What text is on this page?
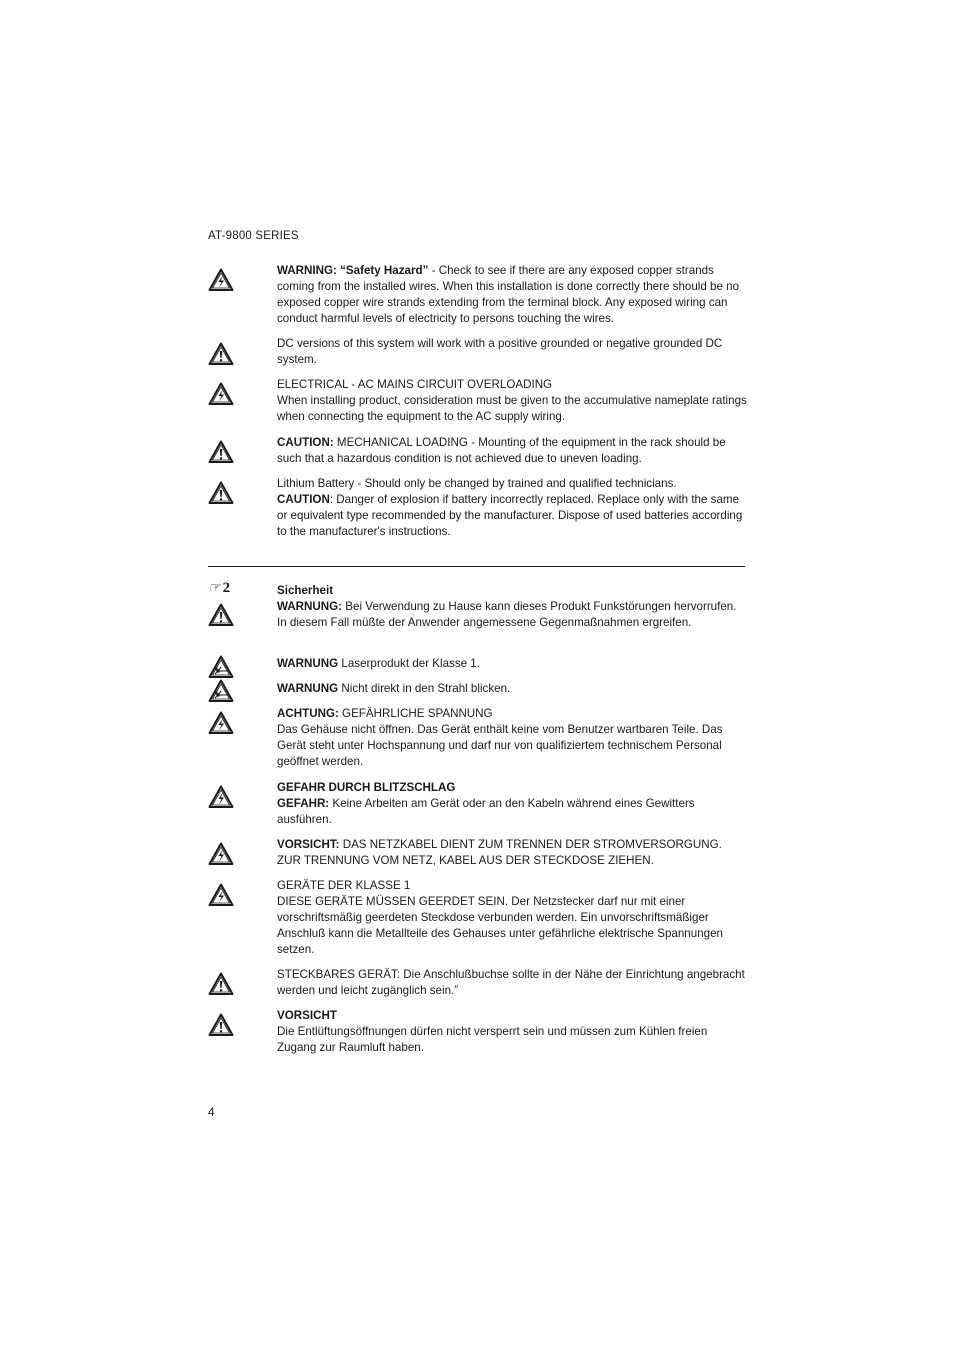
AT-9800 SERIES

WARNING: “Safety Hazard” - Check to see if there are any exposed copper strands coming from the installed wires. When this installation is done correctly there should be no exposed copper wire strands extending from the terminal block. Any exposed wiring can conduct harmful levels of electricity to persons touching the wires.

DC versions of this system will work with a positive grounded or negative grounded DC system.

ELECTRICAL - AC MAINS CIRCUIT OVERLOADING

When installing product, consideration must be given to the accumulative nameplate ratings when connecting the equipment to the AC supply wiring.

CAUTION: MECHANICAL LOADING - Mounting of the equipment in the rack should be such that a hazardous condition is not achieved due to uneven loading.

Lithium Battery - Should only be changed by trained and qualified technicians.

CAUTION: Danger of explosion if battery incorrectly replaced. Replace only with the same or equivalent type recommended by the manufacturer. Dispose of used batteries according to the manufacturer's instructions.

☞ 2	Sicherheit

WARNUNG: Bei Verwendung zu Hause kann dieses Produkt Funkstörungen hervorrufen. In diesem Fall müßte der Anwender angemessene Gegenmaßnahmen ergreifen.

WARNUNG Laserprodukt der Klasse 1.

WARNUNG Nicht direkt in den Strahl blicken.

ACHTUNG: GEFÄHRLICHE SPANNUNG

Das Gehäuse nicht öffnen. Das Gerät enthält keine vom Benutzer wartbaren Teile. Das Gerät steht unter Hochspannung und darf nur von qualifiziertem technischem Personal geöffnet werden.

GEFAHR DURCH BLITZSCHLAG

GEFAHR: Keine Arbeiten am Gerät oder an den Kabeln während eines Gewitters ausführen.

VORSICHT: DAS NETZKABEL DIENT ZUM TRENNEN DER STROMVERSORGUNG. ZUR TRENNUNG VOM NETZ, KABEL AUS DER STECKDOSE ZIEHEN.

GERÄTE DER KLASSE 1

DIESE GERÄTE MÜSSEN GEERDET SEIN. Der Netzstecker darf nur mit einer vorschriftsmäßig geerdeten Steckdose verbunden werden. Ein unvorschriftsmäßiger Anschluß kann die Metallteile des Gehauses unter gefährliche elektrische Spannungen setzen.

STECKBARES GERÄT: Die Anschlußbuchse sollte in der Nähe der Einrichtung angebracht werden und leicht zugänglich sein.”

VORSICHT

Die Entlüftungsöffnungen dürfen nicht versperrt sein und müssen zum Kühlen freien Zugang zur Raumluft haben.

4
